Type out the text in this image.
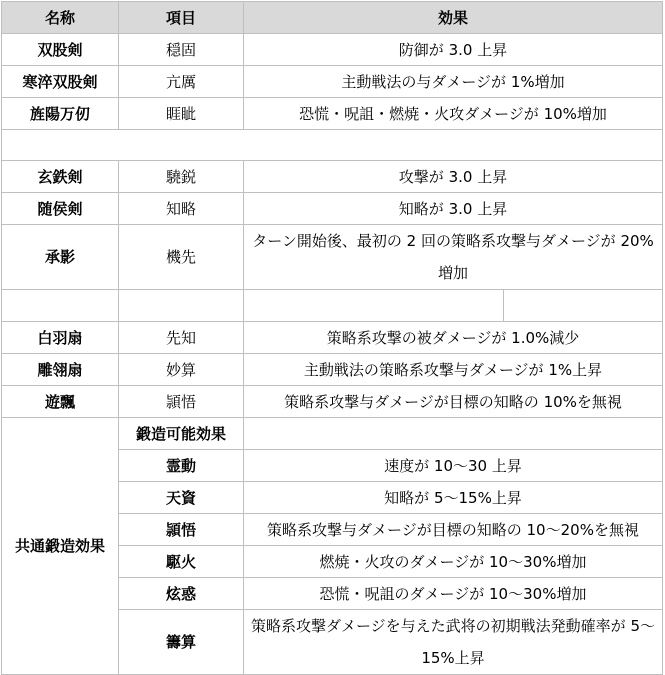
名称	項目	効果
双股剣	穏固	防御が 3.0 上昇
寒淬双股剣	亢厲	主動戦法の与ダメージが 1%増加
旌陽万仞	睚眦	恐慌・呪詛・燃焼・火攻ダメージが 10%増加

玄鉄剣	驍鋭	攻撃が 3.0 上昇
随侯剣	知略	知略が 3.0 上昇
承影	機先	ターン開始後、最初の 2 回の策略系攻撃与ダメージが 20%増加

白羽扇	先知	策略系攻撃の被ダメージが 1.0%減少
雕翎扇	妙算	主動戦法の策略系攻撃与ダメージが 1%上昇
遊飄	頴悟	策略系攻撃与ダメージが目標の知略の 10%を無視
共通鍛造効果	鍛造可能効果	
	霊動	速度が 10～30 上昇
	天資	知略が 5～15%上昇
	頴悟	策略系攻撃与ダメージが目標の知略の 10～20%を無視
	駆火	燃焼・火攻のダメージが 10～30%増加
	炫惑	恐慌・呪詛のダメージが 10～30%増加
	籌算	策略系攻撃ダメージを与えた武将の初期戦法発動確率が 5～15%上昇
